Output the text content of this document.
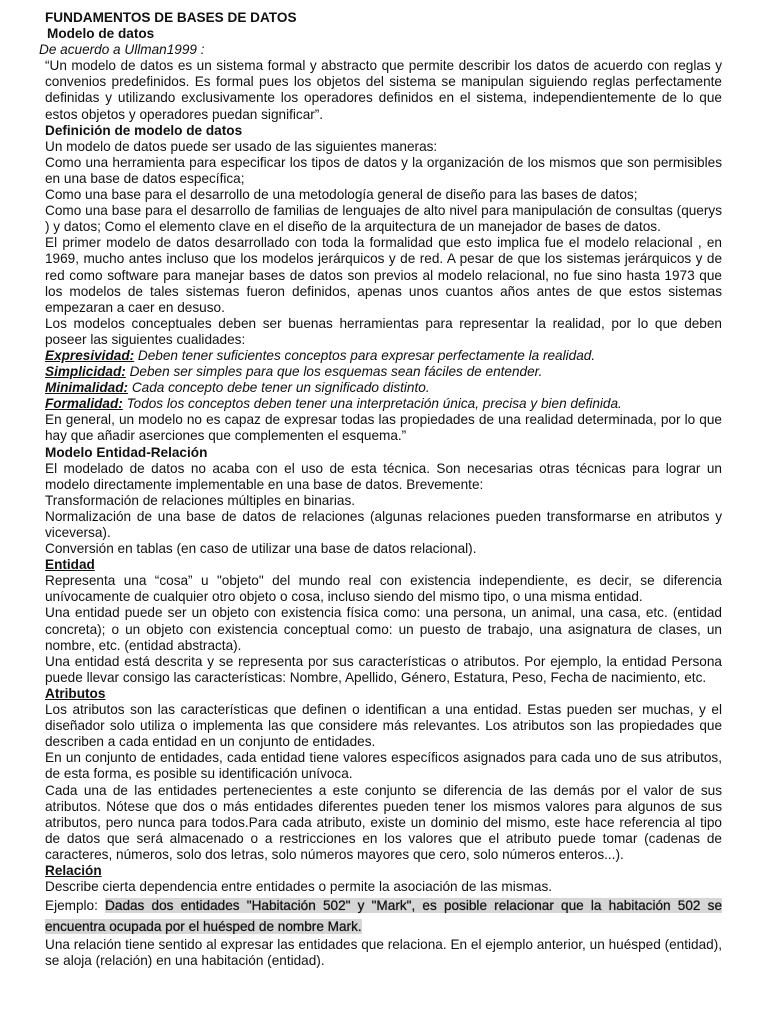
FUNDAMENTOS DE BASES DE DATOS

Modelo de datos

De acuerdo a Ullman1999 :

“Un modelo de datos es un sistema formal y abstracto que permite describir los datos de acuerdo con reglas y convenios predefinidos. Es formal pues los objetos del sistema se manipulan siguiendo reglas perfectamente definidas y utilizando exclusivamente los operadores definidos en el sistema, independientemente de lo que estos objetos y operadores puedan significar”.

Definición de modelo de datos

Un modelo de datos puede ser usado de las siguientes maneras:

Como una herramienta para especificar los tipos de datos y la organización de los mismos que son permisibles en una base de datos específica;

Como una base para el desarrollo de una metodología general de diseño para las bases de datos;

Como una base para el desarrollo de familias de lenguajes de alto nivel para manipulación de consultas (querys ) y datos; Como el elemento clave en el diseño de la arquitectura de un manejador de bases de datos.

El primer modelo de datos desarrollado con toda la formalidad que esto implica fue el modelo relacional , en 1969, mucho antes incluso que los modelos jerárquicos y de red. A pesar de que los sistemas jerárquicos y de red como software para manejar bases de datos son previos al modelo relacional, no fue sino hasta 1973 que los modelos de tales sistemas fueron definidos, apenas unos cuantos años antes de que estos sistemas empezaran a caer en desuso.

Los modelos conceptuales deben ser buenas herramientas para representar la realidad, por lo que deben poseer las siguientes cualidades:

Expresividad: Deben tener suficientes conceptos para expresar perfectamente la realidad.

Simplicidad: Deben ser simples para que los esquemas sean fáciles de entender.

Minimalidad: Cada concepto debe tener un significado distinto.

Formalidad: Todos los conceptos deben tener una interpretación única, precisa y bien definida.

En general, un modelo no es capaz de expresar todas las propiedades de una realidad determinada, por lo que hay que añadir aserciones que complementen el esquema.”

Modelo Entidad-Relación

El modelado de datos no acaba con el uso de esta técnica. Son necesarias otras técnicas para lograr un modelo directamente implementable en una base de datos. Brevemente:

Transformación de relaciones múltiples en binarias.

Normalización de una base de datos de relaciones (algunas relaciones pueden transformarse en atributos y viceversa).

Conversión en tablas (en caso de utilizar una base de datos relacional).

Entidad

Representa una “cosa” u "objeto" del mundo real con existencia independiente, es decir, se diferencia unívocamente de cualquier otro objeto o cosa, incluso siendo del mismo tipo, o una misma entidad.

Una entidad puede ser un objeto con existencia física como: una persona, un animal, una casa, etc. (entidad concreta); o un objeto con existencia conceptual como: un puesto de trabajo, una asignatura de clases, un nombre, etc. (entidad abstracta).

Una entidad está descrita y se representa por sus características o atributos. Por ejemplo, la entidad Persona puede llevar consigo las características: Nombre, Apellido, Género, Estatura, Peso, Fecha de nacimiento, etc.

Atributos

Los atributos son las características que definen o identifican a una entidad. Estas pueden ser muchas, y el diseñador solo utiliza o implementa las que considere más relevantes. Los atributos son las propiedades que describen a cada entidad en un conjunto de entidades.

En un conjunto de entidades, cada entidad tiene valores específicos asignados para cada uno de sus atributos, de esta forma, es posible su identificación unívoca.

Cada una de las entidades pertenecientes a este conjunto se diferencia de las demás por el valor de sus atributos. Nótese que dos o más entidades diferentes pueden tener los mismos valores para algunos de sus atributos, pero nunca para todos.Para cada atributo, existe un dominio del mismo, este hace referencia al tipo de datos que será almacenado o a restricciones en los valores que el atributo puede tomar (cadenas de caracteres, números, solo dos letras, solo números mayores que cero, solo números enteros...).

Relación

Describe cierta dependencia entre entidades o permite la asociación de las mismas.

Ejemplo: Dadas dos entidades "Habitación 502" y "Mark", es posible relacionar que la habitación 502 se encuentra ocupada por el huésped de nombre Mark.

Una relación tiene sentido al expresar las entidades que relaciona. En el ejemplo anterior, un huésped (entidad), se aloja (relación) en una habitación (entidad).
